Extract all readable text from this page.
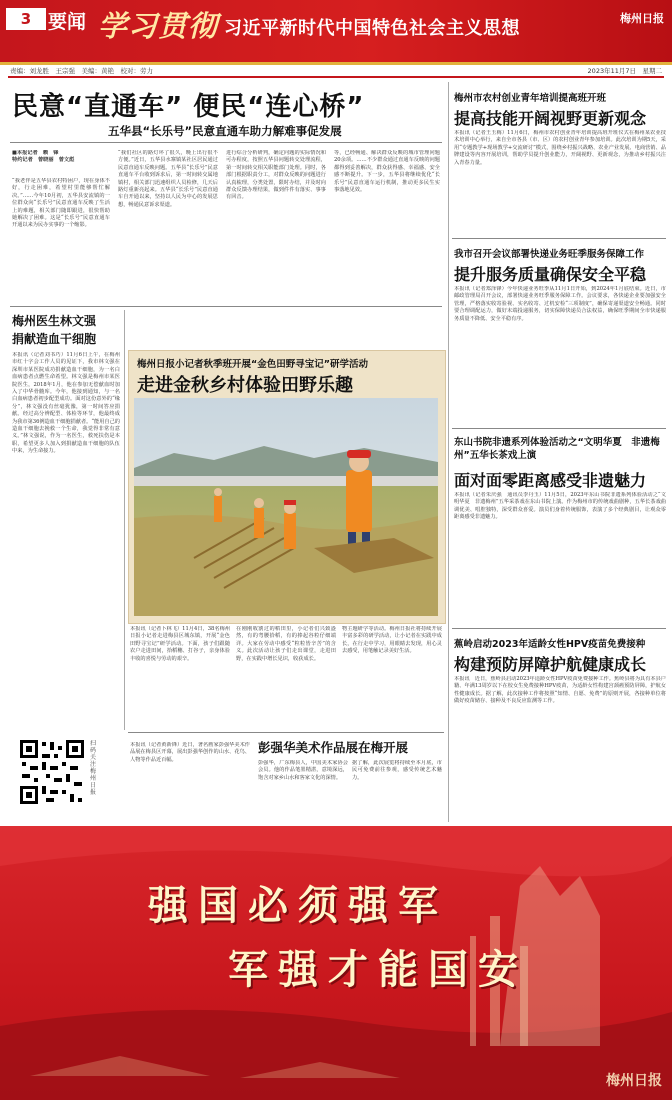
3 要闻 学习贯彻 习近平新时代中国特色社会主义思想	梅州日报
责编：刘龙胜　王宗强　美编：黄艳　校对：劳力	2023年11月7日　星期二
民意“直通车” 便民“连心桥”
五华县“长乐号”民意直通车助力解难事促发展
■本报记者　赖　锋
特约记者　曾晓丽　曾文彪
“我老伴是五华县农村特困户，现在身体不好，行走困难，希望村里能够帮忙解决。”……今年10月初，五华县安流镇的一位群众向“长乐号”民意直通车反映了生活上的难题，相关部门随即跟进，很快帮助她解决了困难。这是“长乐号”民意直通车开通以来为民办实事的一个缩影。
“我们社区的路灯坏了很久，晚上出行很不方便。”近日，五华县水寨镇某社区居民通过民意直通车反映问题。五华县“长乐号”民意直通车平台收到诉求后，第一时间转交属地镇村，相关部门迅速组织人员检修，几天后路灯重新亮起来。五华县“长乐号”民意直通车自开通以来，坚持以人民为中心的发展思想，畅通民意诉求渠道。
进行综合分析研判，确定问题的实际情况和可办程度，按照五华县问题转交处理流程，第一时间转交相关职能部门处理。同时，各部门根据职责分工，对群众反映的问题进行认真梳理，分类处置，限时办结，并及时向群众反馈办理结果，做到件件有落实、事事有回音。
等，已经畅通、解决群众反映的城市管理问题20余项。……不少群众通过直通车反映的问题都得到妥善解决，群众获得感、幸福感、安全感不断提升。下一步，五华县将继续优化“长乐号”民意直通车运行机制，推动更多民生实事落地见效。
梅州医生林文强
捐献造血干细胞
本报讯（记者刘书巧）11月6日上午，在梅州市红十字会工作人员的见证下，我市林文强在深圳市某医院成功捐献造血干细胞，为一名白血病患者点燃生命希望。林文强是梅州市某医院医生，2018年1月，他在参加无偿献血时加入了中华骨髓库。今年，他接到通知，与一名白血病患者初步配型成功。面对这份意外的“缘分”，林文强没有丝毫犹豫，第一时间答应捐献。经过高分辨配型、体检等环节，他最终成为我市第36例造血干细胞捐献者。“能用自己的造血干细胞去挽救一个生命，我觉得非常有意义。”林文强说，作为一名医生，救死扶伤是本职，希望更多人加入到捐献造血干细胞的队伍中来，为生命接力。
梅州日报小记者秋季班开展“金色田野寻宝记”研学活动
走进金秋乡村体验田野乐趣
本报讯（记者卜林飞）11月4日，38名梅州日报小记者走进梅县区城东镇，开展“金色田野寻宝记”研学活动。下面，孩子们跟随农户走进田间，拾稻穗、打谷子，亲身体验丰收的喜悦与劳动的艰辛。
在刚刚收割过的稻田里，小记者们兴致盎然，有的弯腰拾稻，有的捧起谷粒仔细端详。大家在劳动中感受“粒粒皆辛苦”的含义。此次活动让孩子们走出课堂，走进田野，在实践中增长见识，收获成长。
物主题研学等活动。梅州日报社将持续开展丰富多彩的研学活动，让小记者在实践中成长，在行走中学习，用眼睛去发现，用心灵去感受，用笔触记录美好生活。
本报讯（记者黄新锋）近日，著名画家彭强华美术作品展在梅县区开幕，展出彭强华创作的山水、花鸟、人物等作品近百幅。
彭强华美术作品展在梅开展
彭强华，广东梅县人，中国美术家协会会员。他的作品笔墨精湛，意境深远，饱含对家乡山水和客家文化的深情。
据了解，此次展览将持续至本月底，市民可免费前往参观，感受传统艺术魅力。
扫码关注梅州日报
梅州市农村创业青年培训提高班开班
提高技能开阔视野更新观念
本报讯（记者王玉梅）11月6日，梅州市农村创业青年培训提高班开班仪式在梅州某农业技术培训中心举行，来自全市各县（市、区）的农村创业青年参加培训。此次培训为期5天，采用“专题教学+现场教学+交流研讨”模式，围绕乡村振兴战略、农业产业发展、电商营销、品牌建设等内容开展培训，帮助学员提升创业能力，开阔视野、更新观念，为推动乡村振兴注入青春力量。
我市召开会议部署快递业务旺季服务保障工作
提升服务质量确保安全平稳
本报讯（记者郑泽锋）今年快递业务旺季从11月1日开始，到2024年1月底结束。近日，市邮政管理局召开会议，部署快递业务旺季服务保障工作。会议要求，各快递企业要加强安全管理，严格落实收寄验视、实名收寄、过机安检“三项制度”，确保寄递渠道安全畅通。同时要合理调配运力，做好末端投递服务，切实保障快递员合法权益，确保旺季期间全市快递服务质量不降低、安全平稳有序。
东山书院非遗系列体验活动之“文明华夏　非遗梅州”五华长茶戏上演
面对面零距离感受非遗魅力
本报讯（记者朱庆强　通讯员李丹玉）11月5日，2023年东山书院非遗系列体验活动之“文明华夏　非遗梅州”五华采茶戏在东山书院上演。作为梅州市的传统戏曲剧种，五华长茶戏曲调优美、唱腔独特，深受群众喜爱。演员们身着传统服饰，表演了多个经典剧目，让观众零距离感受非遗魅力。
蕉岭启动2023年适龄女性HPV疫苗免费接种
构建预防屏障护航健康成长
本报讯　近日，蕉岭县启动2023年适龄女性HPV疫苗免费接种工作。蕉岭县将为具有本县户籍、年满13周岁以下在校女生免费接种HPV疫苗，为适龄女性构建宫颈癌预防屏障，护航女性健康成长。据了解，此次接种工作将按照“知情、自愿、免费”的原则开展，各接种单位将做好疫苗储存、接种及不良反应监测等工作。
强国必须强军
军强才能国安
梅州日报
